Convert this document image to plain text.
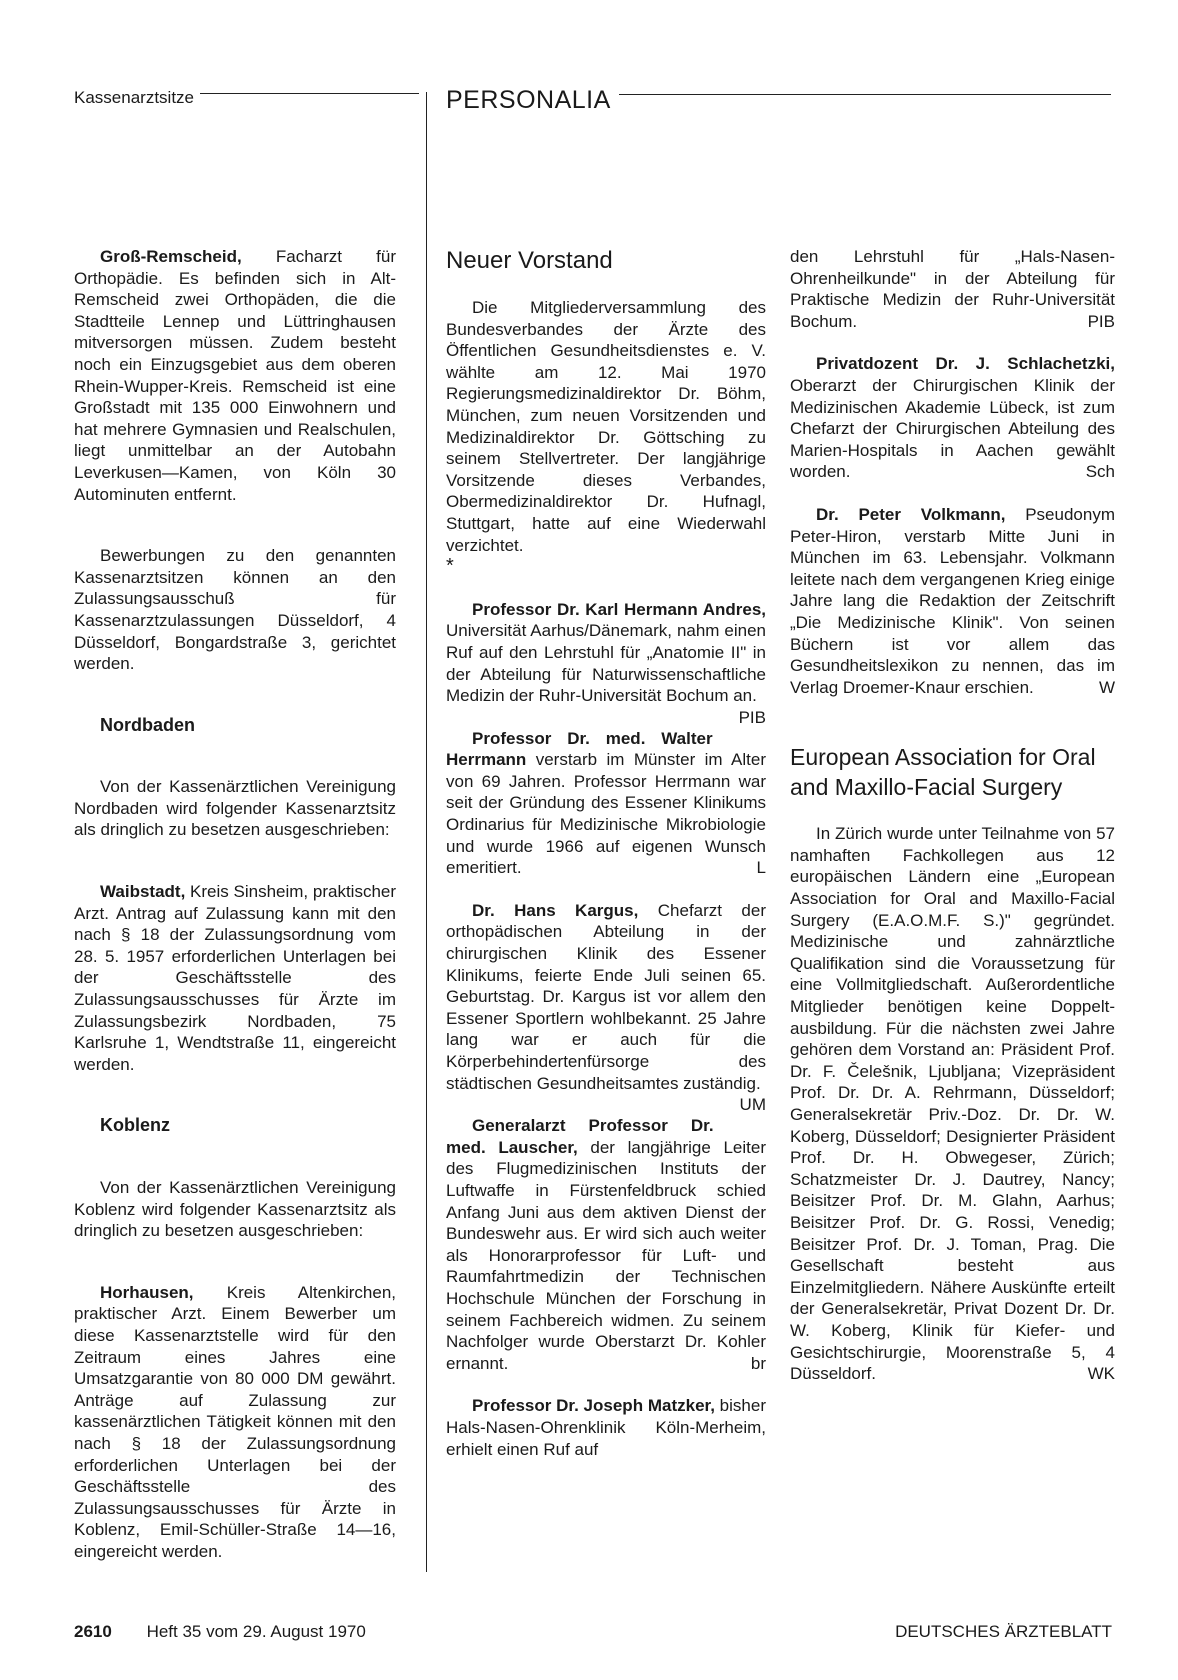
Kassenarztsitze	PERSONALIA

Groß-Remscheid, Facharzt für Orthopädie. Es befinden sich in Alt-Remscheid zwei Orthopäden, die die Stadtteile Lennep und Lüttringhausen mitversorgen müssen. Zudem besteht noch ein Einzugsgebiet aus dem oberen Rhein-Wupper-Kreis. Remscheid ist eine Großstadt mit 135 000 Einwohnern und hat mehrere Gymnasien und Realschulen, liegt unmittelbar an der Autobahn Leverkusen—Kamen, von Köln 30 Autominuten entfernt.

Bewerbungen zu den genannten Kassenarztsitzen können an den Zulassungsausschuß für Kassenarztzulassungen Düsseldorf, 4 Düsseldorf, Bongardstraße 3, gerichtet werden.

Nordbaden

Von der Kassenärztlichen Vereinigung Nordbaden wird folgender Kassenarztsitz als dringlich zu besetzen ausgeschrieben:

Waibstadt, Kreis Sinsheim, praktischer Arzt. Antrag auf Zulassung kann mit den nach § 18 der Zulassungsordnung vom 28. 5. 1957 erforderlichen Unterlagen bei der Geschäftsstelle des Zulassungsausschusses für Ärzte im Zulassungsbezirk Nordbaden, 75 Karlsruhe 1, Wendtstraße 11, eingereicht werden.

Koblenz

Von der Kassenärztlichen Vereinigung Koblenz wird folgender Kassenarztsitz als dringlich zu besetzen ausgeschrieben:

Horhausen, Kreis Altenkirchen, praktischer Arzt. Einem Bewerber um diese Kassenarztstelle wird für den Zeitraum eines Jahres eine Umsatzgarantie von 80 000 DM gewährt. Anträge auf Zulassung zur kassenärztlichen Tätigkeit können mit den nach § 18 der Zulassungsordnung erforderlichen Unterlagen bei der Geschäftsstelle des Zulassungsausschusses für Ärzte in Koblenz, Emil-Schüller-Straße 14—16, eingereicht werden.

Neuer Vorstand

Die Mitgliederversammlung des Bundesverbandes der Ärzte des Öffentlichen Gesundheitsdienstes e. V. wählte am 12. Mai 1970 Regierungsmedizinaldirektor Dr. Böhm, München, zum neuen Vorsitzenden und Medizinaldirektor Dr. Göttsching zu seinem Stellvertreter. Der langjährige Vorsitzende dieses Verbandes, Obermedizinaldirektor Dr. Hufnagl, Stuttgart, hatte auf eine Wiederwahl verzichtet.

*

Professor Dr. Karl Hermann Andres, Universität Aarhus/Dänemark, nahm einen Ruf auf den Lehrstuhl für „Anatomie II" in der Abteilung für Naturwissenschaftliche Medizin der Ruhr-Universität Bochum an.
PIB

Professor Dr. med. Walter Herrmann verstarb im Münster im Alter von 69 Jahren. Professor Herrmann war seit der Gründung des Essener Klinikums Ordinarius für Medizinische Mikrobiologie und wurde 1966 auf eigenen Wunsch emeritiert.	L

Dr. Hans Kargus, Chefarzt der orthopädischen Abteilung in der chirurgischen Klinik des Essener Klinikums, feierte Ende Juli seinen 65. Geburtstag. Dr. Kargus ist vor allem den Essener Sportlern wohlbekannt. 25 Jahre lang war er auch für die Körperbehindertenfürsorge des städtischen Gesundheitsamtes zuständig.
UM

Generalarzt Professor Dr. med. Lauscher, der langjährige Leiter des Flugmedizinischen Instituts der Luftwaffe in Fürstenfeldbruck schied Anfang Juni aus dem aktiven Dienst der Bundeswehr aus. Er wird sich auch weiter als Honorarprofessor für Luft- und Raumfahrtmedizin der Technischen Hochschule München der Forschung in seinem Fachbereich widmen. Zu seinem Nachfolger wurde Oberstarzt Dr. Kohler ernannt.	br

Professor Dr. Joseph Matzker, bisher Hals-Nasen-Ohrenklinik Köln-Merheim, erhielt einen Ruf auf

den Lehrstuhl für „Hals-Nasen-Ohrenheilkunde" in der Abteilung für Praktische Medizin der Ruhr-Universität Bochum.	PIB

Privatdozent Dr. J. Schlachetzki, Oberarzt der Chirurgischen Klinik der Medizinischen Akademie Lübeck, ist zum Chefarzt der Chirurgischen Abteilung des Marien-Hospitals in Aachen gewählt worden.	Sch

Dr. Peter Volkmann, Pseudonym Peter-Hiron, verstarb Mitte Juni in München im 63. Lebensjahr. Volkmann leitete nach dem vergangenen Krieg einige Jahre lang die Redaktion der Zeitschrift „Die Medizinische Klinik". Von seinen Büchern ist vor allem das Gesundheitslexikon zu nennen, das im Verlag Droemer-Knaur erschien.	W

European Association for Oral and Maxillo-Facial Surgery

In Zürich wurde unter Teilnahme von 57 namhaften Fachkollegen aus 12 europäischen Ländern eine „European Association for Oral and Maxillo-Facial Surgery (E.A.O.M.F. S.)" gegründet. Medizinische und zahnärztliche Qualifikation sind die Voraussetzung für eine Vollmitgliedschaft. Außerordentliche Mitglieder benötigen keine Doppelt-ausbildung. Für die nächsten zwei Jahre gehören dem Vorstand an: Präsident Prof. Dr. F. Čelešnik, Ljubljana; Vizepräsident Prof. Dr. Dr. A. Rehrmann, Düsseldorf; Generalsekretär Priv.-Doz. Dr. Dr. W. Koberg, Düsseldorf; Designierter Präsident Prof. Dr. H. Obwegeser, Zürich; Schatzmeister Dr. J. Dautrey, Nancy; Beisitzer Prof. Dr. M. Glahn, Aarhus; Beisitzer Prof. Dr. G. Rossi, Venedig; Beisitzer Prof. Dr. J. Toman, Prag. Die Gesellschaft besteht aus Einzelmitgliedern. Nähere Auskünfte erteilt der Generalsekretär, Privat Dozent Dr. Dr. W. Koberg, Klinik für Kiefer- und Gesichtschirurgie, Moorenstraße 5, 4 Düsseldorf.	WK

2610 Heft 35 vom 29. August 1970	DEUTSCHES ÄRZTEBLATT
